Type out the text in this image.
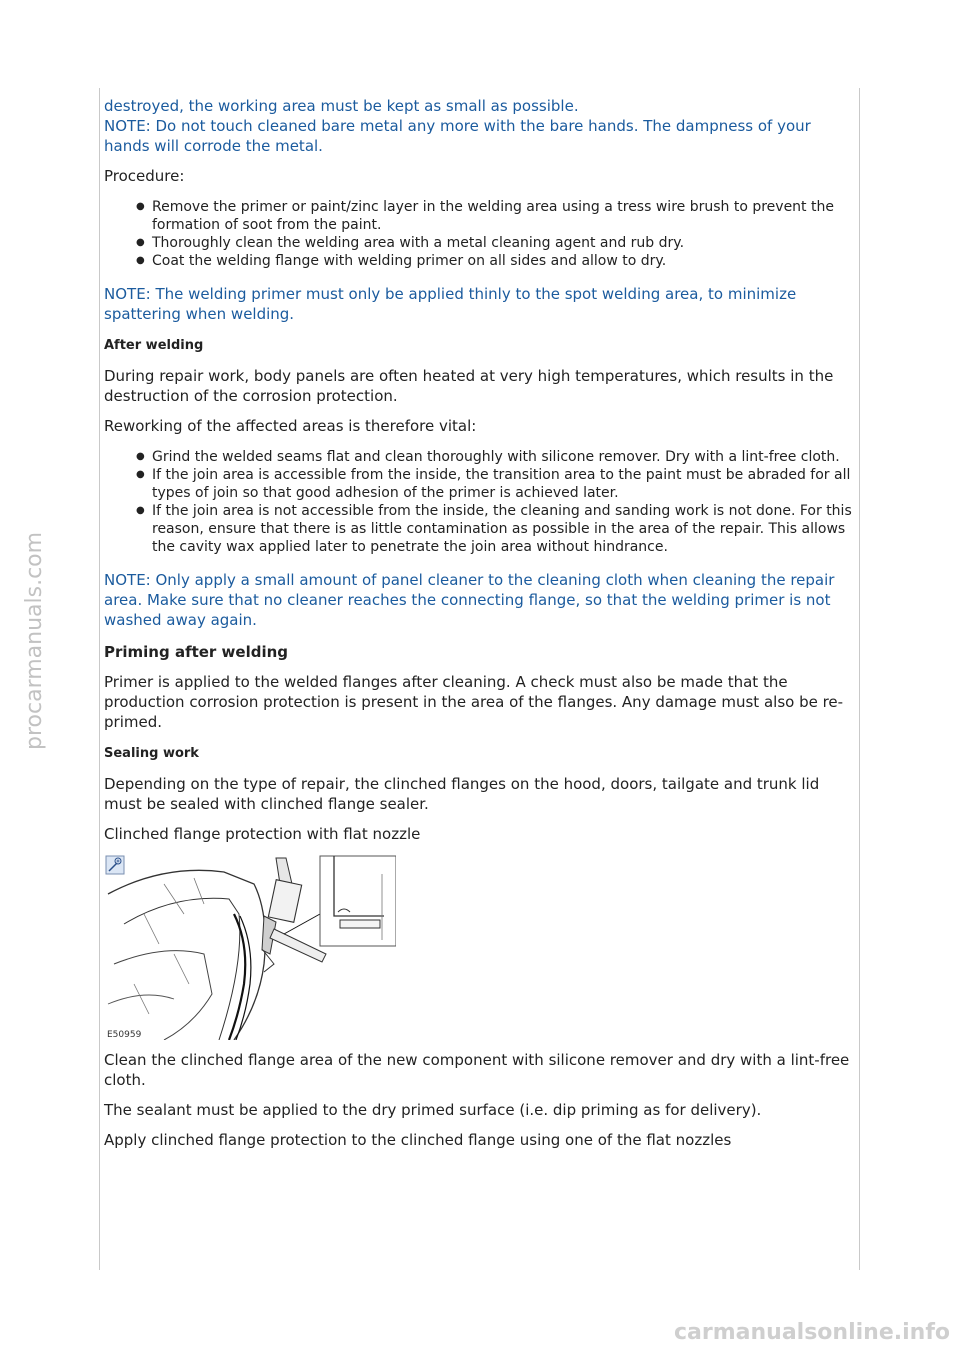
procarmanuals.com
carmanualsonline.info

destroyed, the working area must be kept as small as possible.

NOTE: Do not touch cleaned bare metal any more with the bare hands. The dampness of your hands will corrode the metal.

Procedure:

● Remove the primer or paint/zinc layer in the welding area using a tress wire brush to prevent the formation of soot from the paint.
● Thoroughly clean the welding area with a metal cleaning agent and rub dry.
● Coat the welding flange with welding primer on all sides and allow to dry.

NOTE: The welding primer must only be applied thinly to the spot welding area, to minimize spattering when welding.

After welding

During repair work, body panels are often heated at very high temperatures, which results in the destruction of the corrosion protection.

Reworking of the affected areas is therefore vital:

● Grind the welded seams flat and clean thoroughly with silicone remover. Dry with a lint-free cloth.
● If the join area is accessible from the inside, the transition area to the paint must be abraded for all types of join so that good adhesion of the primer is achieved later.
● If the join area is not accessible from the inside, the cleaning and sanding work is not done. For this reason, ensure that there is as little contamination as possible in the area of the repair. This allows the cavity wax applied later to penetrate the join area without hindrance.

NOTE: Only apply a small amount of panel cleaner to the cleaning cloth when cleaning the repair area. Make sure that no cleaner reaches the connecting flange, so that the welding primer is not washed away again.

Priming after welding

Primer is applied to the welded flanges after cleaning. A check must also be made that the production corrosion protection is present in the area of the flanges. Any damage must also be re-primed.

Sealing work

Depending on the type of repair, the clinched flanges on the hood, doors, tailgate and trunk lid must be sealed with clinched flange sealer.

Clinched flange protection with flat nozzle

E50959

Clean the clinched flange area of the new component with silicone remover and dry with a lint-free cloth.

The sealant must be applied to the dry primed surface (i.e. dip priming as for delivery).

Apply clinched flange protection to the clinched flange using one of the flat nozzles
